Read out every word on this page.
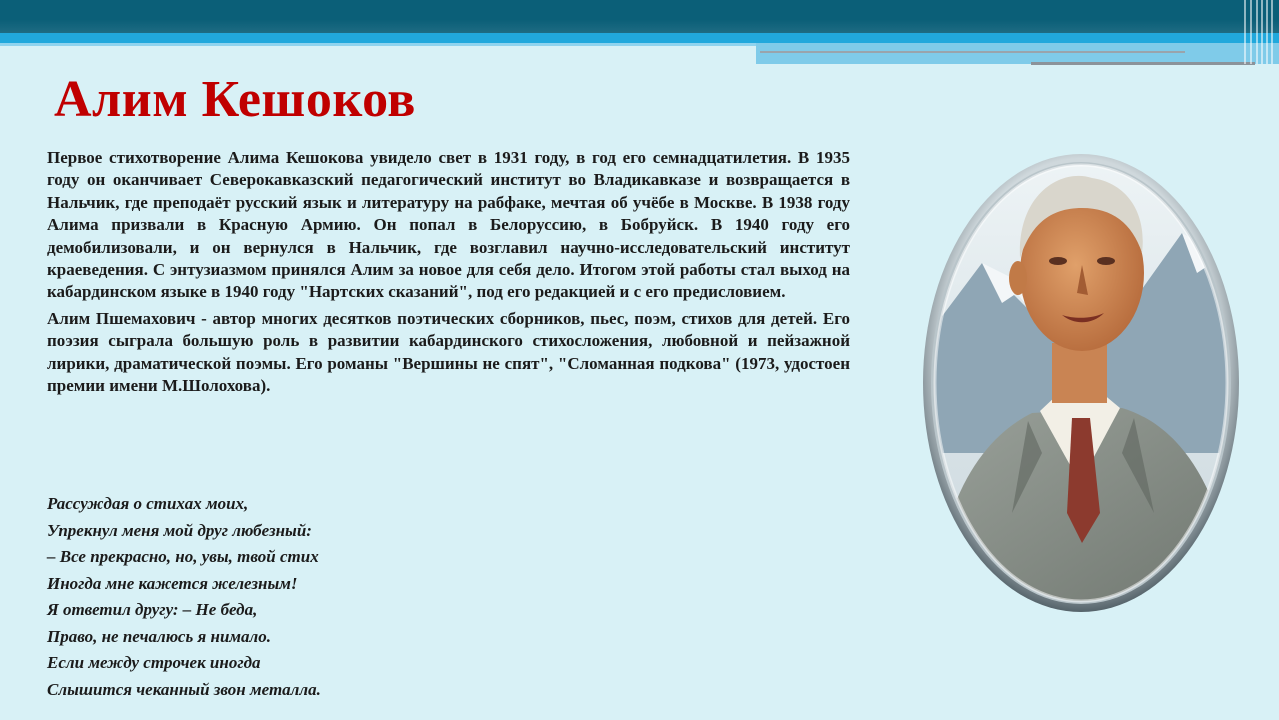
Алим Кешоков

Первое стихотворение Алима Кешокова увидело свет в 1931 году, в год его семнадцатилетия. В 1935 году он оканчивает Северокавказский педагогический институт во Владикавказе и возвращается в Нальчик, где преподаёт русский язык и литературу на рабфаке, мечтая об учёбе в Москве. В 1938 году Алима призвали в Красную Армию. Он попал в Белоруссию, в Бобруйск. В 1940 году его демобилизовали, и он вернулся в Нальчик, где возглавил научно-исследовательский институт краеведения. С энтузиазмом принялся Алим за новое для себя дело. Итогом этой работы стал выход на кабардинском языке в 1940 году "Нартских сказаний", под его редакцией и с его предисловием.

Алим Пшемахович - автор многих десятков поэтических сборников, пьес, поэм, стихов для детей. Его поэзия сыграла большую роль в развитии кабардинского стихосложения, любовной и пейзажной лирики, драматической поэмы. Его романы "Вершины не спят", "Сломанная подкова" (1973, удостоен премии имени М.Шолохова).

Рассуждая о стихах моих,
Упрекнул меня мой друг любезный:
– Все прекрасно, но, увы, твой стих
Иногда мне кажется железным!
Я ответил другу: – Не беда,
Право, не печалюсь я нимало.
Если между строчек иногда
Слышится чеканный звон металла.
